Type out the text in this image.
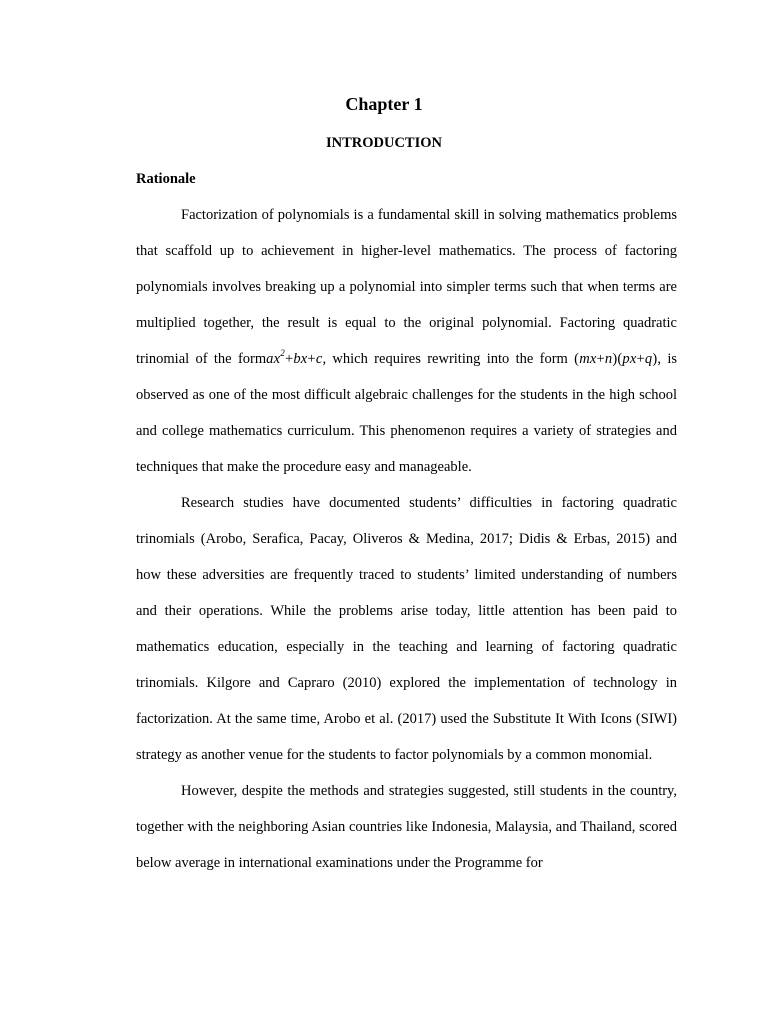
Chapter 1
INTRODUCTION
Rationale

Factorization of polynomials is a fundamental skill in solving mathematics problems that scaffold up to achievement in higher-level mathematics. The process of factoring polynomials involves breaking up a polynomial into simpler terms such that when terms are multiplied together, the result is equal to the original polynomial. Factoring quadratic trinomial of the formax$^2$+bx+c, which requires rewriting into the form (mx+n)(px+q), is observed as one of the most difficult algebraic challenges for the students in the high school and college mathematics curriculum. This phenomenon requires a variety of strategies and techniques that make the procedure easy and manageable.

Research studies have documented students’ difficulties in factoring quadratic trinomials (Arobo, Serafica, Pacay, Oliveros & Medina, 2017; Didis & Erbas, 2015) and how these adversities are frequently traced to students’ limited understanding of numbers and their operations. While the problems arise today, little attention has been paid to mathematics education, especially in the teaching and learning of factoring quadratic trinomials. Kilgore and Capraro (2010) explored the implementation of technology in factorization. At the same time, Arobo et al. (2017) used the Substitute It With Icons (SIWI) strategy as another venue for the students to factor polynomials by a common monomial.

However, despite the methods and strategies suggested, still students in the country, together with the neighboring Asian countries like Indonesia, Malaysia, and Thailand, scored below average in international examinations under the Programme for
